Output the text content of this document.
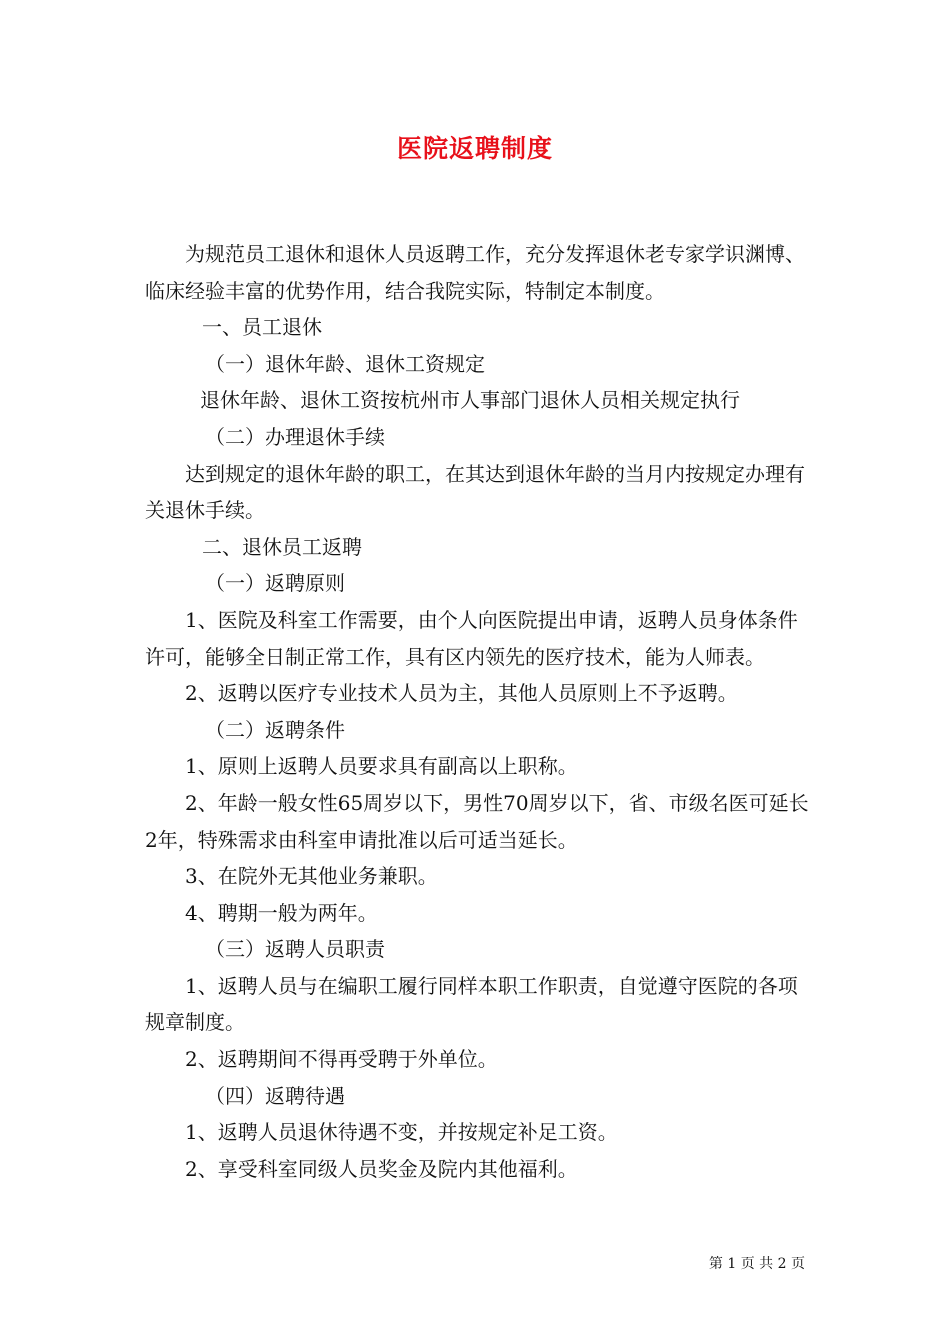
医院返聘制度

为规范员工退休和退休人员返聘工作，充分发挥退休老专家学识渊博、临床经验丰富的优势作用，结合我院实际，特制定本制度。

一、员工退休

（一）退休年龄、退休工资规定

退休年龄、退休工资按杭州市人事部门退休人员相关规定执行

（二）办理退休手续

达到规定的退休年龄的职工，在其达到退休年龄的当月内按规定办理有关退休手续。

二、退休员工返聘

（一）返聘原则

1、医院及科室工作需要，由个人向医院提出申请，返聘人员身体条件许可，能够全日制正常工作，具有区内领先的医疗技术，能为人师表。

2、返聘以医疗专业技术人员为主，其他人员原则上不予返聘。

（二）返聘条件

1、原则上返聘人员要求具有副高以上职称。

2、年龄一般女性65周岁以下，男性70周岁以下，省、市级名医可延长2年，特殊需求由科室申请批准以后可适当延长。

3、在院外无其他业务兼职。

4、聘期一般为两年。

（三）返聘人员职责

1、返聘人员与在编职工履行同样本职工作职责，自觉遵守医院的各项规章制度。

2、返聘期间不得再受聘于外单位。

（四）返聘待遇

1、返聘人员退休待遇不变，并按规定补足工资。

2、享受科室同级人员奖金及院内其他福利。

第 1 页 共 2 页
